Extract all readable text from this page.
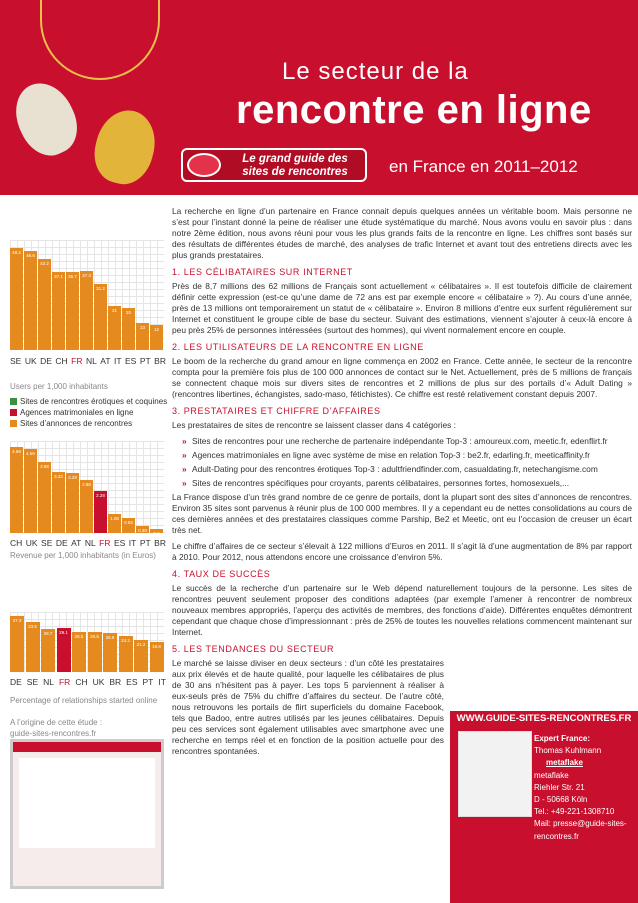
Le secteur de la
rencontre en ligne
Le grand guide des
sites de rencontres	en France en 2011–2012

La recherche en ligne d’un partenaire en France connait depuis quelques années un véritable boom. Mais personne ne s’est pour l’instant donné la peine de réaliser une étude systématique du marché. Nous avons voulu en savoir plus : dans notre 2ème édition, nous avons réuni pour vous les plus grands faits de la rencontre en ligne. Les chiffres sont basés sur des résultats de différentes études de marché, des analyses de trafic Internet et avant tout des entretiens directs avec les plus grands prestataires.

1. LES CÉLIBATAIRES SUR INTERNET

Près de 8,7 millions des 62 millions de Français sont actuellement « célibataires ». Il est toutefois difficile de clairement définir cette expression (est-ce qu’une dame de 72 ans est par exemple encore « célibataire » ?). Au cours d’une année, près de 13 millions ont temporairement un statut de « célibataire ». Environ 8 millions d’entre eux surfent régulièrement sur Internet et constituent le groupe cible de base du secteur. Suivant des estimations, viennent s’ajouter à ceux-là encore à peu près 25% de personnes intéressées (surtout des hommes), qui vivent normalement encore en couple.

2. LES UTILISATEURS DE LA RENCONTRE EN LIGNE

Le boom de la recherche du grand amour en ligne commença en 2002 en France. Cette année, le secteur de la rencontre compta pour la première fois plus de 100 000 annonces de contact sur le Net. Actuellement, près de 5 millions de français se connectent chaque mois sur divers sites de rencontres et 2 millions de plus sur des portails d’« Adult Dating » (rencontres libertines, échangistes, sado-maso, fétichistes). Ce chiffre est resté relativement constant depuis 2007.

3. PRESTATAIRES ET CHIFFRE D’AFFAIRES

Les prestataires de sites de rencontre se laissent classer dans 4 catégories :

» Sites de rencontres pour une recherche de partenaire indépendante Top-3 : amoureux.com, meetic.fr, edenflirt.fr
» Agences matrimoniales en ligne avec système de mise en relation Top-3 : be2.fr, edarling.fr, meeticaffinity.fr
» Adult-Dating pour des rencontres érotiques Top-3 : adultfriendfinder.com, casualdating.fr, netechangisme.com
» Sites de rencontres spécifiques pour croyants, parents célibataires, personnes fortes, homosexuels,...

La France dispose d’un très grand nombre de ce genre de portails, dont la plupart sont des sites d’annonces de rencontres. Environ 35 sites sont parvenus à réunir plus de 100 000 membres. Il y a cependant eu de nettes consolidations au cours de ces dernières années et des prestataires classiques comme Parship, Be2 et Meetic, ont eu l’occasion de creuser un écart très net.

Le chiffre d’affaires de ce secteur s’élevait à 122 millions d’Euros en 2011. Il s’agit là d’une augmentation de 8% par rapport à 2010. Pour 2012, nous attendons encore une croissance d’environ 5%.

4. TAUX DE SUCCÈS

Le succès de la recherche d’un partenaire sur le Web dépend naturellement toujours de la personne. Les sites de rencontres peuvent seulement proposer des conditions adaptées (par exemple l’amener à rencontrer de nombreux nouveaux membres appropriés, l’aperçu des activités de membres, des fonctions d’aide). Différentes enquêtes démontrent cependant que chaque chose d’impressionnant : près de 25% de toutes les nouvelles relations commencent maintenant sur Internet.

5. LES TENDANCES DU SECTEUR

Le marché se laisse diviser en deux secteurs : d’un côté les prestataires aux prix élevés et de haute qualité, pour laquelle les célibataires de plus de 30 ans n’hésitent pas à payer. Les tops 5 parviennent à réaliser à eux-seuls près de 75% du chiffre d’affaires du secteur. De l’autre côté, nous retrouvons les portails de flirt superficiels du domaine Facebook, tels que Badoo, entre autres utilisés par les jeunes célibataires. Depuis peu ces services sont également utilisables avec smartphone avec une recherche en temps réel et en fonction de la position actuelle pour des rencontres spontanées.

48.2
46.6
43.2
37.1 36.7 37.3
31.2
21	20
13	12
SE UK DE CH FR NL AT IT ES PT BR
Users per 1,000 inhabitants
Sites de rencontres érotiques et coquines
Agences matrimoniales en ligne
Sites d’annonces de rencontres
4.68 4.56
3.88
3.32 3.28
2.88
2.28
1.06
0.83
0.39
0.2
CH UK SE DE AT NL FR ES IT PT BR
Revenue per 1,000 inhabitants (in Euros)
37.3
33.5
28.7	29.1
26.5	26.6	25.8	24.2
21.2	19.8
DE SE NL FR CH UK BR ES PT IT
Percentage of relationships started online
A l’origine de cette étude :
guide-sites-rencontres.fr
WWW.GUIDE-SITES-RENCONTRES.FR
Expert France:
Thomas Kuhlmann
metaflake
metaflake
Riehler Str. 21
D - 50668 Köln
Tel.: +49-221-1308710
Mail: presse@guide-sites-rencontres.fr
